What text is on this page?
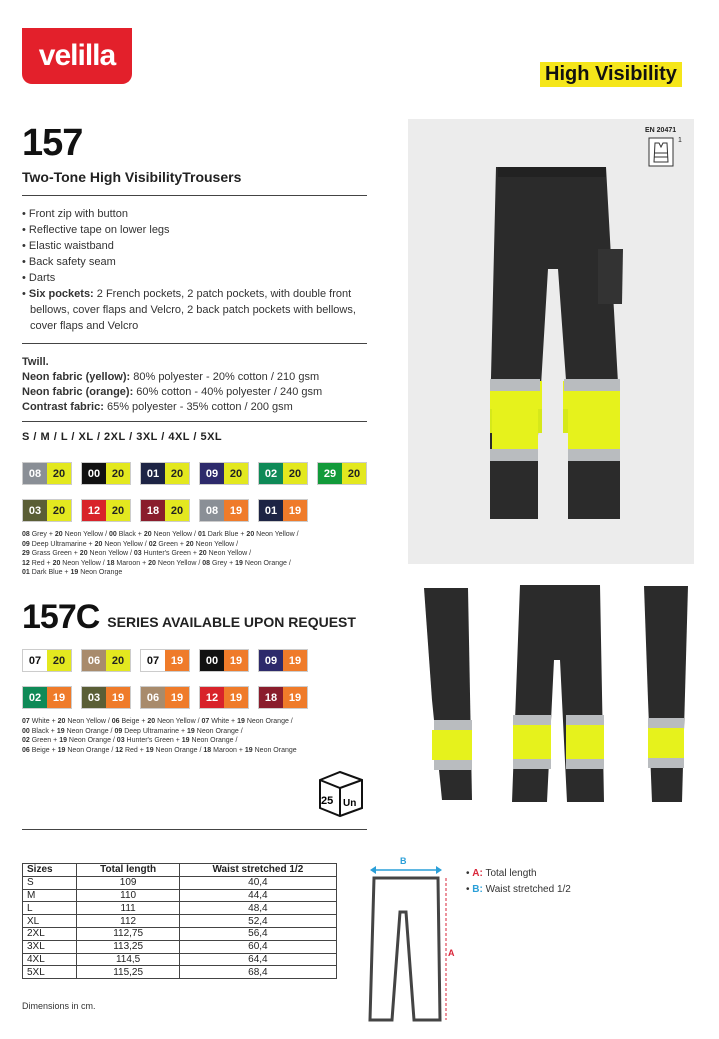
velilla
High Visibility
157
Two-Tone High VisibilityTrousers
• Front zip with button
• Reflective tape on lower legs
• Elastic waistband
• Back safety seam
• Darts
• Six pockets: 2 French pockets, 2 patch pockets, with double front bellows, cover flaps and Velcro, 2 back patch pockets with bellows, cover flaps and Velcro
Twill.
Neon fabric (yellow): 80% polyester - 20% cotton / 210 gsm
Neon fabric (orange): 60% cotton - 40% polyester / 240 gsm
Contrast fabric: 65% polyester - 35% cotton / 200 gsm
S / M / L / XL / 2XL / 3XL / 4XL / 5XL
08	20	00	20	01	20	09	20	02	20	29	20
03	20	12	20	18	20	08	19	01	19
08 Grey + 20 Neon Yellow / 00 Black + 20 Neon Yellow / 01 Dark Blue + 20 Neon Yellow /
09 Deep Ultramarine + 20 Neon Yellow / 02 Green + 20 Neon Yellow /
29 Grass Green + 20 Neon Yellow / 03 Hunter's Green + 20 Neon Yellow /
12 Red + 20 Neon Yellow / 18 Maroon + 20 Neon Yellow / 08 Grey + 19 Neon Orange /
01 Dark Blue + 19 Neon Orange
157C SERIES AVAILABLE UPON REQUEST
07	20	06	20	07	19	00	19	09	19
02	19	03	19	06	19	12	19	18	19
07 White + 20 Neon Yellow / 06 Beige + 20 Neon Yellow / 07 White + 19 Neon Orange /
00 Black + 19 Neon Orange / 09 Deep Ultramarine + 19 Neon Orange /
02 Green + 19 Neon Orange / 03 Hunter's Green + 19 Neon Orange /
06 Beige + 19 Neon Orange / 12 Red + 19 Neon Orange / 18 Maroon + 19 Neon Orange
25 Un
EN 20471
1
Sizes	Total length	Waist stretched 1/2
S	109	40,4
M	110	44,4
L	111	48,4
XL	112	52,4
2XL	112,75	56,4
3XL	113,25	60,4
4XL	114,5	64,4
5XL	115,25	68,4
Dimensions in cm.
B
A
• A: Total length
• B: Waist stretched 1/2
